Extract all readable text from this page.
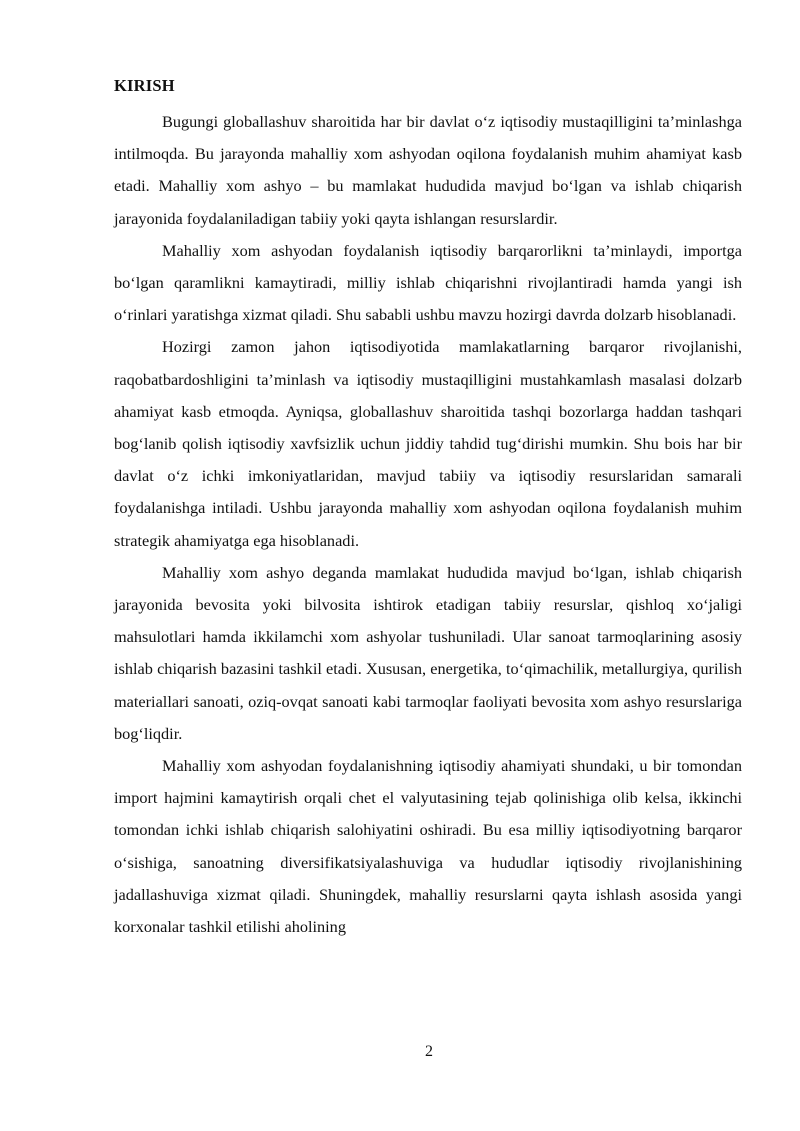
KIRISH

Bugungi globallashuv sharoitida har bir davlat o‘z iqtisodiy mustaqilligini ta’minlashga intilmoqda. Bu jarayonda mahalliy xom ashyodan oqilona foydalanish muhim ahamiyat kasb etadi. Mahalliy xom ashyo – bu mamlakat hududida mavjud bo‘lgan va ishlab chiqarish jarayonida foydalaniladigan tabiiy yoki qayta ishlangan resurslardir.

Mahalliy xom ashyodan foydalanish iqtisodiy barqarorlikni ta’minlaydi, importga bo‘lgan qaramlikni kamaytiradi, milliy ishlab chiqarishni rivojlantiradi hamda yangi ish o‘rinlari yaratishga xizmat qiladi. Shu sababli ushbu mavzu hozirgi davrda dolzarb hisoblanadi.

Hozirgi zamon jahon iqtisodiyotida mamlakatlarning barqaror rivojlanishi, raqobatbardoshligini ta’minlash va iqtisodiy mustaqilligini mustahkamlash masalasi dolzarb ahamiyat kasb etmoqda. Ayniqsa, globallashuv sharoitida tashqi bozorlarga haddan tashqari bog‘lanib qolish iqtisodiy xavfsizlik uchun jiddiy tahdid tug‘dirishi mumkin. Shu bois har bir davlat o‘z ichki imkoniyatlaridan, mavjud tabiiy va iqtisodiy resurslaridan samarali foydalanishga intiladi. Ushbu jarayonda mahalliy xom ashyodan oqilona foydalanish muhim strategik ahamiyatga ega hisoblanadi.

Mahalliy xom ashyo deganda mamlakat hududida mavjud bo‘lgan, ishlab chiqarish jarayonida bevosita yoki bilvosita ishtirok etadigan tabiiy resurslar, qishloq xo‘jaligi mahsulotlari hamda ikkilamchi xom ashyolar tushuniladi. Ular sanoat tarmoqlarining asosiy ishlab chiqarish bazasini tashkil etadi. Xususan, energetika, to‘qimachilik, metallurgiya, qurilish materiallari sanoati, oziq-ovqat sanoati kabi tarmoqlar faoliyati bevosita xom ashyo resurslariga bog‘liqdir.

Mahalliy xom ashyodan foydalanishning iqtisodiy ahamiyati shundaki, u bir tomondan import hajmini kamaytirish orqali chet el valyutasining tejab qolinishiga olib kelsa, ikkinchi tomondan ichki ishlab chiqarish salohiyatini oshiradi. Bu esa milliy iqtisodiyotning barqaror o‘sishiga, sanoatning diversifikatsiyalashuviga va hududlar iqtisodiy rivojlanishining jadallashuviga xizmat qiladi. Shuningdek, mahalliy resurslarni qayta ishlash asosida yangi korxonalar tashkil etilishi aholining

2
